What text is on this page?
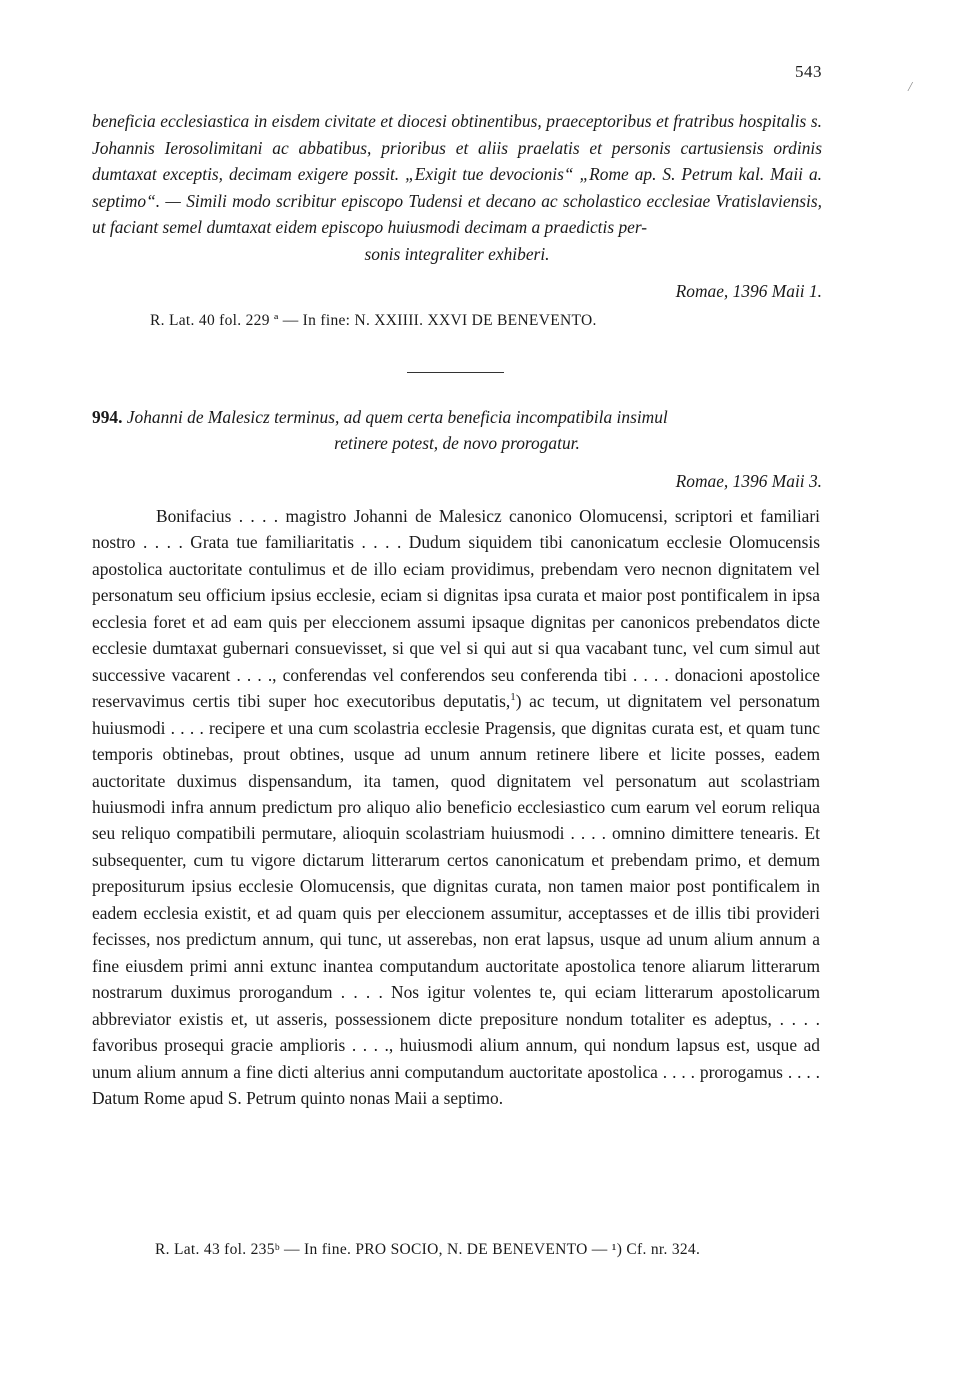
543
/

beneficia ecclesiastica in eisdem civitate et diocesi obtinentibus, praeceptoribus et fratribus hospitalis s. Johannis Ierosolimitani ac abbatibus, prioribus et aliis praelatis et personis cartusiensis ordinis dumtaxat exceptis, decimam exigere possit. „Exigit tue devocionis“ „Rome ap. S. Petrum kal. Maii a. septimo“. — Simili modo scribitur episcopo Tudensi et decano ac scholastico ecclesiae Vratislaviensis, ut faciant semel dumtaxat eidem episcopo huiusmodi decimam a praedictis per-

sonis integraliter exhiberi.

Romae, 1396 Maii 1.

R. Lat. 40 fol. 229 ª — In fine: N. XXIIII. XXVI DE BENEVENTO.

994. Johanni de Malesicz terminus, ad quem certa beneficia incompatibila insimul

retinere potest, de novo prorogatur.

Romae, 1396 Maii 3.

Bonifacius . . . . magistro Johanni de Malesicz canonico Olomucensi, scriptori et familiari nostro . . . . Grata tue familiaritatis . . . . Dudum siquidem tibi canonicatum ecclesie Olomucensis apostolica auctoritate contulimus et de illo eciam providimus, prebendam vero necnon dignitatem vel personatum seu officium ipsius ecclesie, eciam si dignitas ipsa curata et maior post pontificalem in ipsa ecclesia foret et ad eam quis per eleccionem assumi ipsaque dignitas per canonicos prebendatos dicte ecclesie dumtaxat gubernari consuevisset, si que vel si qui aut si qua vacabant tunc, vel cum simul aut successive vacarent . . . ., conferendas vel conferendos seu conferenda tibi . . . . donacioni apostolice reservavimus certis tibi super hoc executoribus deputatis,$^1$) ac tecum, ut dignitatem vel personatum huiusmodi . . . . recipere et una cum scolastria ecclesie Pragensis, que dignitas curata est, et quam tunc temporis obtinebas, prout obtines, usque ad unum annum retinere libere et licite posses, eadem auctoritate duximus dispensandum, ita tamen, quod dignitatem vel personatum aut scolastriam huiusmodi infra annum predictum pro aliquo alio beneficio ecclesiastico cum earum vel eorum reliqua seu reliquo compatibili permutare, alioquin scolastriam huiusmodi . . . . omnino dimittere tenearis. Et subsequenter, cum tu vigore dictarum litterarum certos canonicatum et prebendam primo, et demum prepositurum ipsius ecclesie Olomucensis, que dignitas curata, non tamen maior post pontificalem in eadem ecclesia existit, et ad quam quis per eleccionem assumitur, acceptasses et de illis tibi provideri fecisses, nos predictum annum, qui tunc, ut asserebas, non erat lapsus, usque ad unum alium annum a fine eiusdem primi anni extunc inantea computandum auctoritate apostolica tenore aliarum litterarum nostrarum duximus prorogandum . . . . Nos igitur volentes te, qui eciam litterarum apostolicarum abbreviator existis et, ut asseris, possessionem dicte prepositure nondum totaliter es adeptus, . . . . favoribus prosequi gracie amplioris . . . ., huiusmodi alium annum, qui nondum lapsus est, usque ad unum alium annum a fine dicti alterius anni computandum auctoritate apostolica . . . . prorogamus . . . . Datum Rome apud S. Petrum quinto nonas Maii a septimo.

R. Lat. 43 fol. 235ᵇ — In fine. PRO SOCIO, N. DE BENEVENTO — ¹) Cf. nr. 324.
